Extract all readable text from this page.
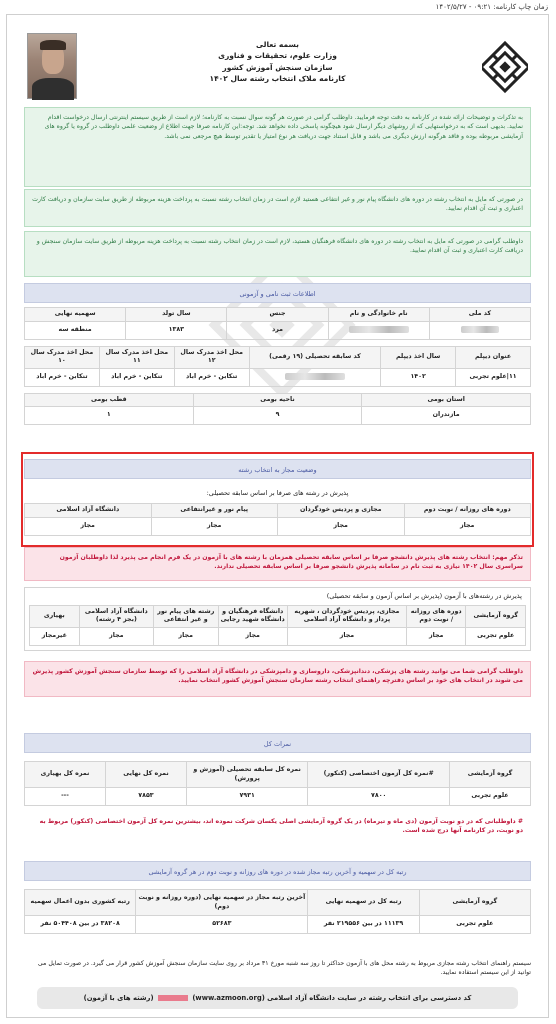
زمان چاپ کارنامه: ۰۹:۲۱ - ۱۴۰۲/۵/۲۷
بسمه تعالی
وزارت علوم، تحقیقات و فناوری
سازمان سنجش آموزش کشور
کارنامه ملاک انتخاب رشته سال ۱۴۰۲
به تذکرات و توضیحات ارائه شده در کارنامه به دقت توجه فرمایید. داوطلب گرامی در صورت هر گونه سوال نسبت به کارنامه؛ لازم است از طریق سیستم اینترنتی ارسال درخواست اقدام نمایید. بدیهی است که به درخواستهایی که از روشهای دیگر ارسال شود هیچگونه پاسخی داده نخواهد شد. توجه:این کارنامه صرفا جهت اطلاع از وضعیت علمی داوطلب در گروه یا گروه های آزمایشی مربوطه بوده و فاقد هرگونه ارزش دیگری می باشد و قابل استناد جهت دریافت هر نوع امتیاز یا تقدیر توسط هیچ مرجعی نمی باشد.
در صورتی که مایل به انتخاب رشته در دوره های دانشگاه پیام نور و غیر انتفاعی هستید لازم است در زمان انتخاب رشته نسبت به پرداخت هزینه مربوطه از طریق سایت سازمان و دریافت کارت اعتباری و ثبت آن اقدام نمایید.
داوطلب گرامی در صورتی که مایل به انتخاب رشته در دوره های دانشگاه فرهنگیان هستید، لازم است در زمان انتخاب رشته نسبت به پرداخت هزینه مربوطه از طریق سایت سازمان سنجش و دریافت کارت اعتباری و ثبت آن اقدام نمایید.
اطلاعات ثبت نامی و آزمونی
کد ملی	نام خانوادگی و نام	جنس	سال تولد	سهمیه نهایی
		مرد	۱۳۸۳	منطقه سه
عنوان دیپلم	سال اخذ دیپلم	کد سابقه تحصیلی (۱۹ رقمی)	محل اخذ مدرک سال ۱۲	محل اخذ مدرک سال ۱۱	محل اخذ مدرک سال ۱۰
۱۱|علوم تجربی	۱۴۰۲		تنکابن - خرم اباد	تنکابن - خرم اباد	تنکابن - خرم اباد
استان بومی	ناحیه بومی	قطب بومی
مازندران	۹	۱
وضعیت مجاز به انتخاب رشته
پذیرش در رشته های صرفا بر اساس سابقه تحصیلی:
دوره های روزانه / نوبت دوم	مجازی و پردیس خودگردان	پیام نور و غیرانتفاعی	دانشگاه آزاد اسلامی
مجاز	مجاز	مجاز	مجاز
تذکر مهم: انتخاب رشته های پذیرش دانشجو صرفا بر اساس سابقه تحصیلی همزمان با رشته های با آزمون در یک فرم انجام می پذیرد لذا داوطلبان آزمون سراسری سال ۱۴۰۲ نیازی به ثبت نام در سامانه پذیرش دانشجو صرفا بر اساس سابقه تحصیلی ندارند.
پذیرش در رشته‌های با آزمون (پذیرش بر اساس آزمون و سابقه تحصیلی)
گروه آزمایشی	دوره های روزانه / نوبت دوم	مجازی، پردیس خودگردان ، شهریه پرداز و دانشگاه آزاد اسلامی	دانشگاه فرهنگیان و دانشگاه شهید رجایی	رشته های پیام نور و غیر انتفاعی	دانشگاه آزاد اسلامی (بجز ۴ رشته)	بهیاری
علوم تجربی	مجاز	مجاز	مجاز	مجاز	مجاز	غیرمجاز
داوطلب گرامی شما می توانید رشته های پزشکی، دندانپزشکی، داروسازی و دامپزشکی در دانشگاه آزاد اسلامی را که توسط سازمان سنجش آموزش کشور پذیرش می شوند در انتخاب های خود بر اساس دفترچه راهنمای انتخاب رشته سازمان سنجش آموزش کشور انتخاب نمایید.
نمرات کل
گروه آزمایشی	#نمره کل آزمون اختصاصی (کنکور)	نمره کل سابقه تحصیلی (آموزش و پرورش)	نمره کل نهایی	نمره کل بهیاری
علوم تجربی	۷۸۰۰	۷۹۳۱	۷۸۵۳	---
# داوطلبانی که در دو نوبت آزمون (دی ماه و تیرماه) در یک گروه آزمایشی اصلی یکسان شرکت نموده اند، بیشترین نمره کل آزمون اختصاصی (کنکور) مربوط به دو نوبت، در کارنامه آنها درج شده است.
رتبه کل در سهمیه و آخرین رتبه مجاز شده در دوره های روزانه و نوبت دوم در هر گروه آزمایشی
گروه آزمایشی	رتبه کل در سهمیه نهایی	آخرین رتبه مجاز در سهمیه نهایی (دوره روزانه و نوبت دوم)	رتبه کشوری بدون اعمال سهمیه
علوم تجربی	۱۱۱۳۹ در بین ۲۱۹۵۵۶ نفر	۵۲۶۸۳	۳۸۲۰۸ در بین ۵۰۴۴۰۸ نفر
سیستم راهنمای انتخاب رشته مجازی مربوط به رشته محل های با آزمون حداکثر تا روز سه شنبه مورخ ۳۱ مرداد بر روی سایت سازمان سنجش آموزش کشور قرار می گیرد. در صورت تمایل می توانید از این سیستم استفاده نمایید.
کد دسترسی برای انتخاب رشته در سایت دانشگاه آزاد اسلامی (www.azmoon.org)  (رشته های با آزمون)
